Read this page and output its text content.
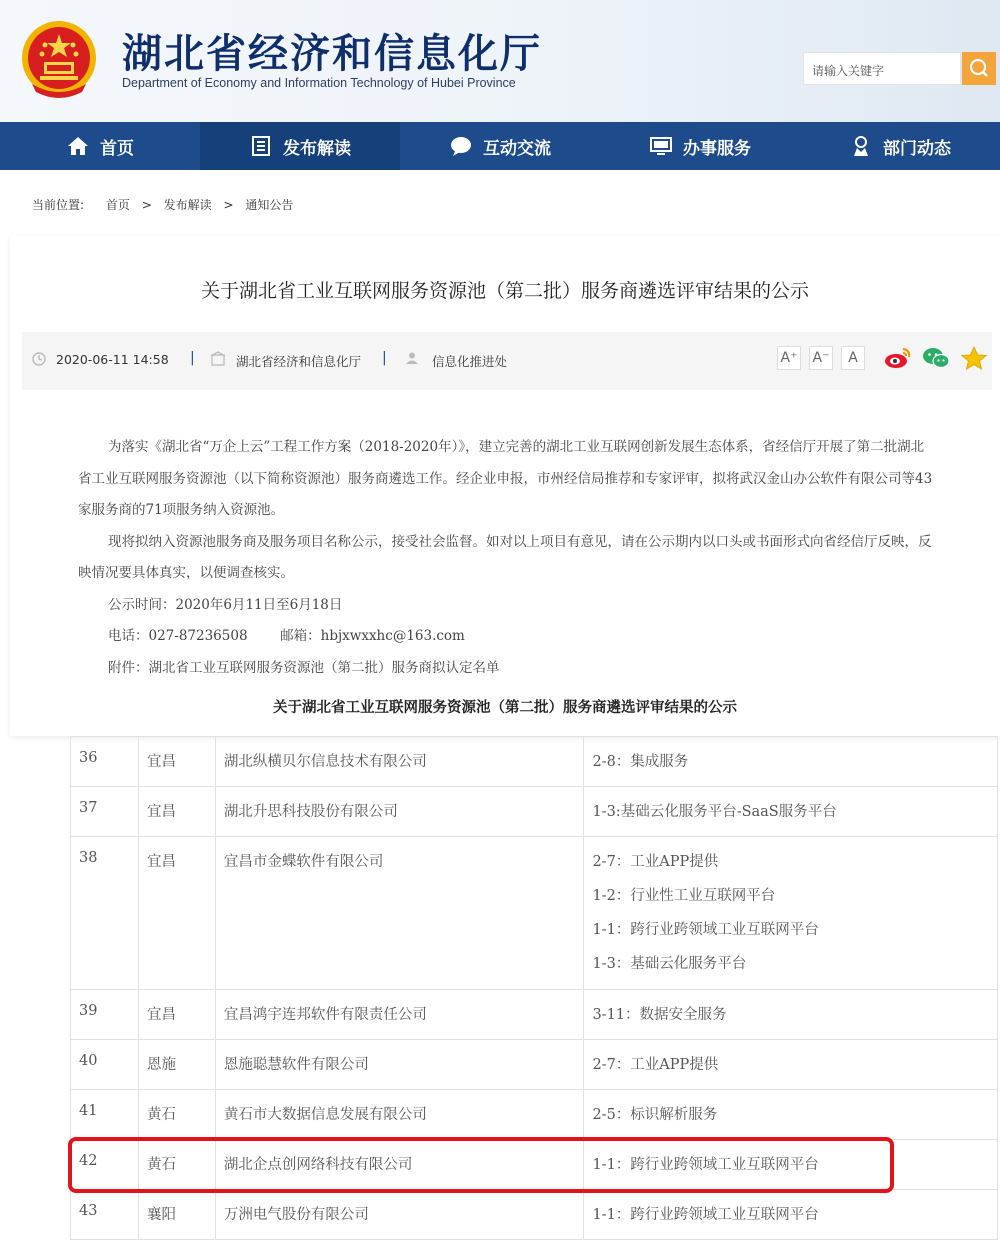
湖北省经济和信息化厅
Department of Economy and Information Technology of Hubei Province
请输入关键字
首页	发布解读	互动交流	办事服务	部门动态
当前位置: 首页 > 发布解读 > 通知公告
关于湖北省工业互联网服务资源池（第二批）服务商遴选评审结果的公示
2020-06-11 14:58 |	湖北省经济和信息化厅 |	信息化推进处	A⁺ A⁻	A

为落实《湖北省“万企上云”工程工作方案（2018-2020年）》，建立完善的湖北工业互联网创新发展生态体系，省经信厅开展了第二批湖北省工业互联网服务资源池（以下简称资源池）服务商遴选工作。经企业申报，市州经信局推荐和专家评审，拟将武汉金山办公软件有限公司等43家服务商的71项服务纳入资源池。

现将拟纳入资源池服务商及服务项目名称公示，接受社会监督。如对以上项目有意见，请在公示期内以口头或书面形式向省经信厅反映，反映情况要具体真实，以便调查核实。

公示时间：2020年6月11日至6月18日

电话：027-87236508 邮箱：hbjxwxxhc@163.com

附件：湖北省工业互联网服务资源池（第二批）服务商拟认定名单

关于湖北省工业互联网服务资源池（第二批）服务商遴选评审结果的公示
36	宜昌	湖北纵横贝尔信息技术有限公司	2-8：集成服务

37	宜昌	湖北升思科技股份有限公司	1-3:基础云化服务平台-SaaS服务平台

38	宜昌	宜昌市金蝶软件有限公司	2-7：工业APP提供
1-2：行业性工业互联网平台
1-1：跨行业跨领域工业互联网平台
1-3：基础云化服务平台

39	宜昌	宜昌鸿宇连邦软件有限责任公司	3-11：数据安全服务

40	恩施	恩施聪慧软件有限公司	2-7：工业APP提供

41	黄石	黄石市大数据信息发展有限公司	2-5：标识解析服务

42	黄石	湖北企点创网络科技有限公司	1-1：跨行业跨领域工业互联网平台

43	襄阳	万洲电气股份有限公司	1-1：跨行业跨领域工业互联网平台
